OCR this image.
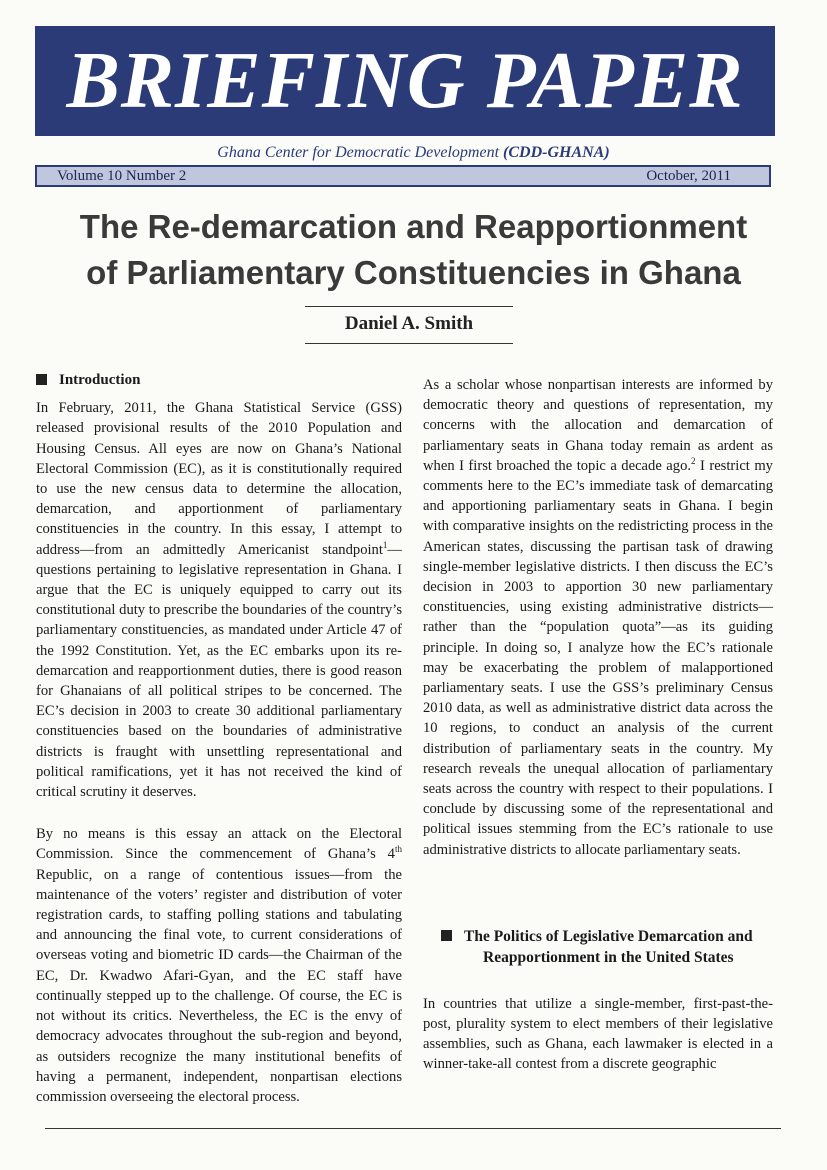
BRIEFING PAPER
Ghana Center for Democratic Development (CDD-GHANA)
Volume 10 Number 2	October, 2011
The Re-demarcation and Reapportionment
of Parliamentary Constituencies in Ghana
Daniel A. Smith
Introduction

In February, 2011, the Ghana Statistical Service (GSS) released provisional results of the 2010 Population and Housing Census. All eyes are now on Ghana’s National Electoral Commission (EC), as it is constitutionally required to use the new census data to determine the allocation, demarcation, and apportionment of parliamentary constituencies in the country. In this essay, I attempt to address—from an admittedly Americanist standpoint$^1$—questions pertaining to legislative representation in Ghana. I argue that the EC is uniquely equipped to carry out its constitutional duty to prescribe the boundaries of the country’s parliamentary constituencies, as mandated under Article 47 of the 1992 Constitution. Yet, as the EC embarks upon its re-demarcation and reapportionment duties, there is good reason for Ghanaians of all political stripes to be concerned. The EC’s decision in 2003 to create 30 additional parliamentary constituencies based on the boundaries of administrative districts is fraught with unsettling representational and political ramifications, yet it has not received the kind of critical scrutiny it deserves.

By no means is this essay an attack on the Electoral Commission. Since the commencement of Ghana’s 4th Republic, on a range of contentious issues—from the maintenance of the voters’ register and distribution of voter registration cards, to staffing polling stations and tabulating and announcing the final vote, to current considerations of overseas voting and biometric ID cards—the Chairman of the EC, Dr. Kwadwo Afari-Gyan, and the EC staff have continually stepped up to the challenge. Of course, the EC is not without its critics. Nevertheless, the EC is the envy of democracy advocates throughout the sub-region and beyond, as outsiders recognize the many institutional benefits of having a permanent, independent, nonpartisan elections commission overseeing the electoral process.

As a scholar whose nonpartisan interests are informed by democratic theory and questions of representation, my concerns with the allocation and demarcation of parliamentary seats in Ghana today remain as ardent as when I first broached the topic a decade ago.$^2$ I restrict my comments here to the EC’s immediate task of demarcating and apportioning parliamentary seats in Ghana. I begin with comparative insights on the redistricting process in the American states, discussing the partisan task of drawing single-member legislative districts. I then discuss the EC’s decision in 2003 to apportion 30 new parliamentary constituencies, using existing administrative districts—rather than the “population quota”—as its guiding principle. In doing so, I analyze how the EC’s rationale may be exacerbating the problem of malapportioned parliamentary seats. I use the GSS’s preliminary Census 2010 data, as well as administrative district data across the 10 regions, to conduct an analysis of the current distribution of parliamentary seats in the country. My research reveals the unequal allocation of parliamentary seats across the country with respect to their populations. I conclude by discussing some of the representational and political issues stemming from the EC’s rationale to use administrative districts to allocate parliamentary seats.

The Politics of Legislative Demarcation and
Reapportionment in the United States

In countries that utilize a single-member, first-past-the-post, plurality system to elect members of their legislative assemblies, such as Ghana, each lawmaker is elected in a winner-take-all contest from a discrete geographic
